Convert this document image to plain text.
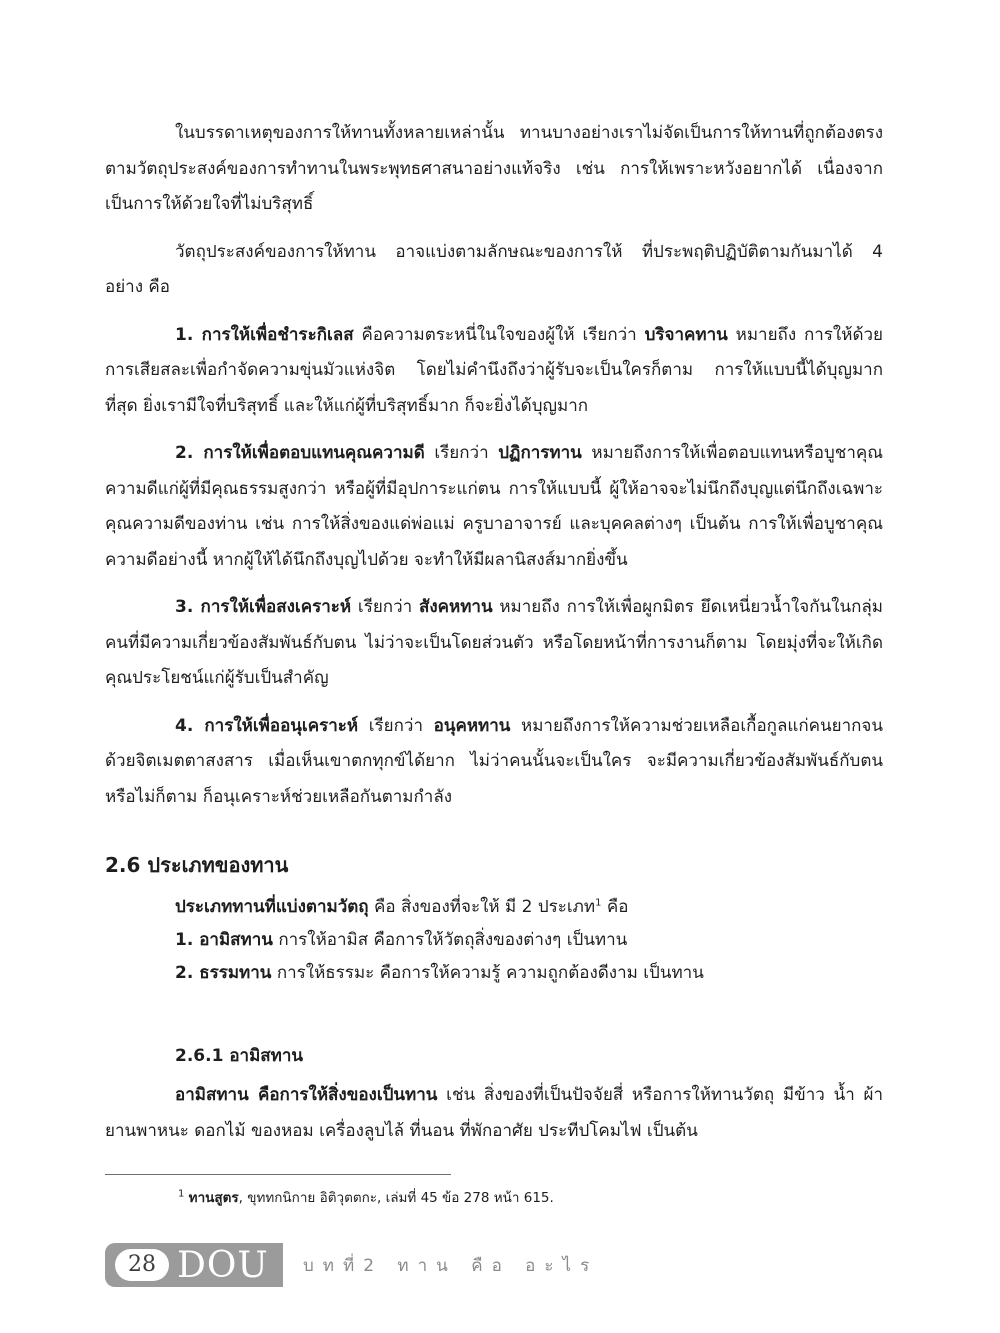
ในบรรดาเหตุของการให้ทานทั้งหลายเหล่านั้น ทานบางอย่างเราไม่จัดเป็นการให้ทานที่ถูกต้องตรงตามวัตถุประสงค์ของการทำทานในพระพุทธศาสนาอย่างแท้จริง เช่น การให้เพราะหวังอยากได้ เนื่องจากเป็นการให้ด้วยใจที่ไม่บริสุทธิ์

วัตถุประสงค์ของการให้ทาน อาจแบ่งตามลักษณะของการให้ ที่ประพฤติปฏิบัติตามกันมาได้ 4 อย่าง คือ

1. การให้เพื่อชำระกิเลส คือความตระหนี่ในใจของผู้ให้ เรียกว่า บริจาคทาน หมายถึง การให้ด้วยการเสียสละเพื่อกำจัดความขุ่นมัวแห่งจิต โดยไม่คำนึงถึงว่าผู้รับจะเป็นใครก็ตาม การให้แบบนี้ได้บุญมากที่สุด ยิ่งเรามีใจที่บริสุทธิ์ และให้แก่ผู้ที่บริสุทธิ์มาก ก็จะยิ่งได้บุญมาก

2. การให้เพื่อตอบแทนคุณความดี เรียกว่า ปฏิการทาน หมายถึงการให้เพื่อตอบแทนหรือบูชาคุณความดีแก่ผู้ที่มีคุณธรรมสูงกว่า หรือผู้ที่มีอุปการะแก่ตน การให้แบบนี้ ผู้ให้อาจจะไม่นึกถึงบุญแต่นึกถึงเฉพาะคุณความดีของท่าน เช่น การให้สิ่งของแด่พ่อแม่ ครูบาอาจารย์ และบุคคลต่างๆ เป็นต้น การให้เพื่อบูชาคุณความดีอย่างนี้ หากผู้ให้ได้นึกถึงบุญไปด้วย จะทำให้มีผลานิสงส์มากยิ่งขึ้น

3. การให้เพื่อสงเคราะห์ เรียกว่า สังคหทาน หมายถึง การให้เพื่อผูกมิตร ยึดเหนี่ยวน้ำใจกันในกลุ่มคนที่มีความเกี่ยวข้องสัมพันธ์กับตน ไม่ว่าจะเป็นโดยส่วนตัว หรือโดยหน้าที่การงานก็ตาม โดยมุ่งที่จะให้เกิดคุณประโยชน์แก่ผู้รับเป็นสำคัญ

4. การให้เพื่ออนุเคราะห์ เรียกว่า อนุคหทาน หมายถึงการให้ความช่วยเหลือเกื้อกูลแก่คนยากจนด้วยจิตเมตตาสงสาร เมื่อเห็นเขาตกทุกข์ได้ยาก ไม่ว่าคนนั้นจะเป็นใคร จะมีความเกี่ยวข้องสัมพันธ์กับตนหรือไม่ก็ตาม ก็อนุเคราะห์ช่วยเหลือกันตามกำลัง

2.6 ประเภทของทาน

ประเภททานที่แบ่งตามวัตถุ คือ สิ่งของที่จะให้ มี 2 ประเภท$^1$ คือ

1. อามิสทาน การให้อามิส คือการให้วัตถุสิ่งของต่างๆ เป็นทาน

2. ธรรมทาน การให้ธรรมะ คือการให้ความรู้ ความถูกต้องดีงาม เป็นทาน

2.6.1 อามิสทาน

อามิสทาน คือการให้สิ่งของเป็นทาน เช่น สิ่งของที่เป็นปัจจัยสี่ หรือการให้ทานวัตถุ มีข้าว น้ำ ผ้า ยานพาหนะ ดอกไม้ ของหอม เครื่องลูบไล้ ที่นอน ที่พักอาศัย ประทีปโคมไฟ เป็นต้น

$^1$ ทานสูตร, ขุททกนิกาย อิติวุตตกะ, เล่มที่ 45 ข้อ 278 หน้า 615.
28 DOU บทที่2 ทาน คือ อะไร
